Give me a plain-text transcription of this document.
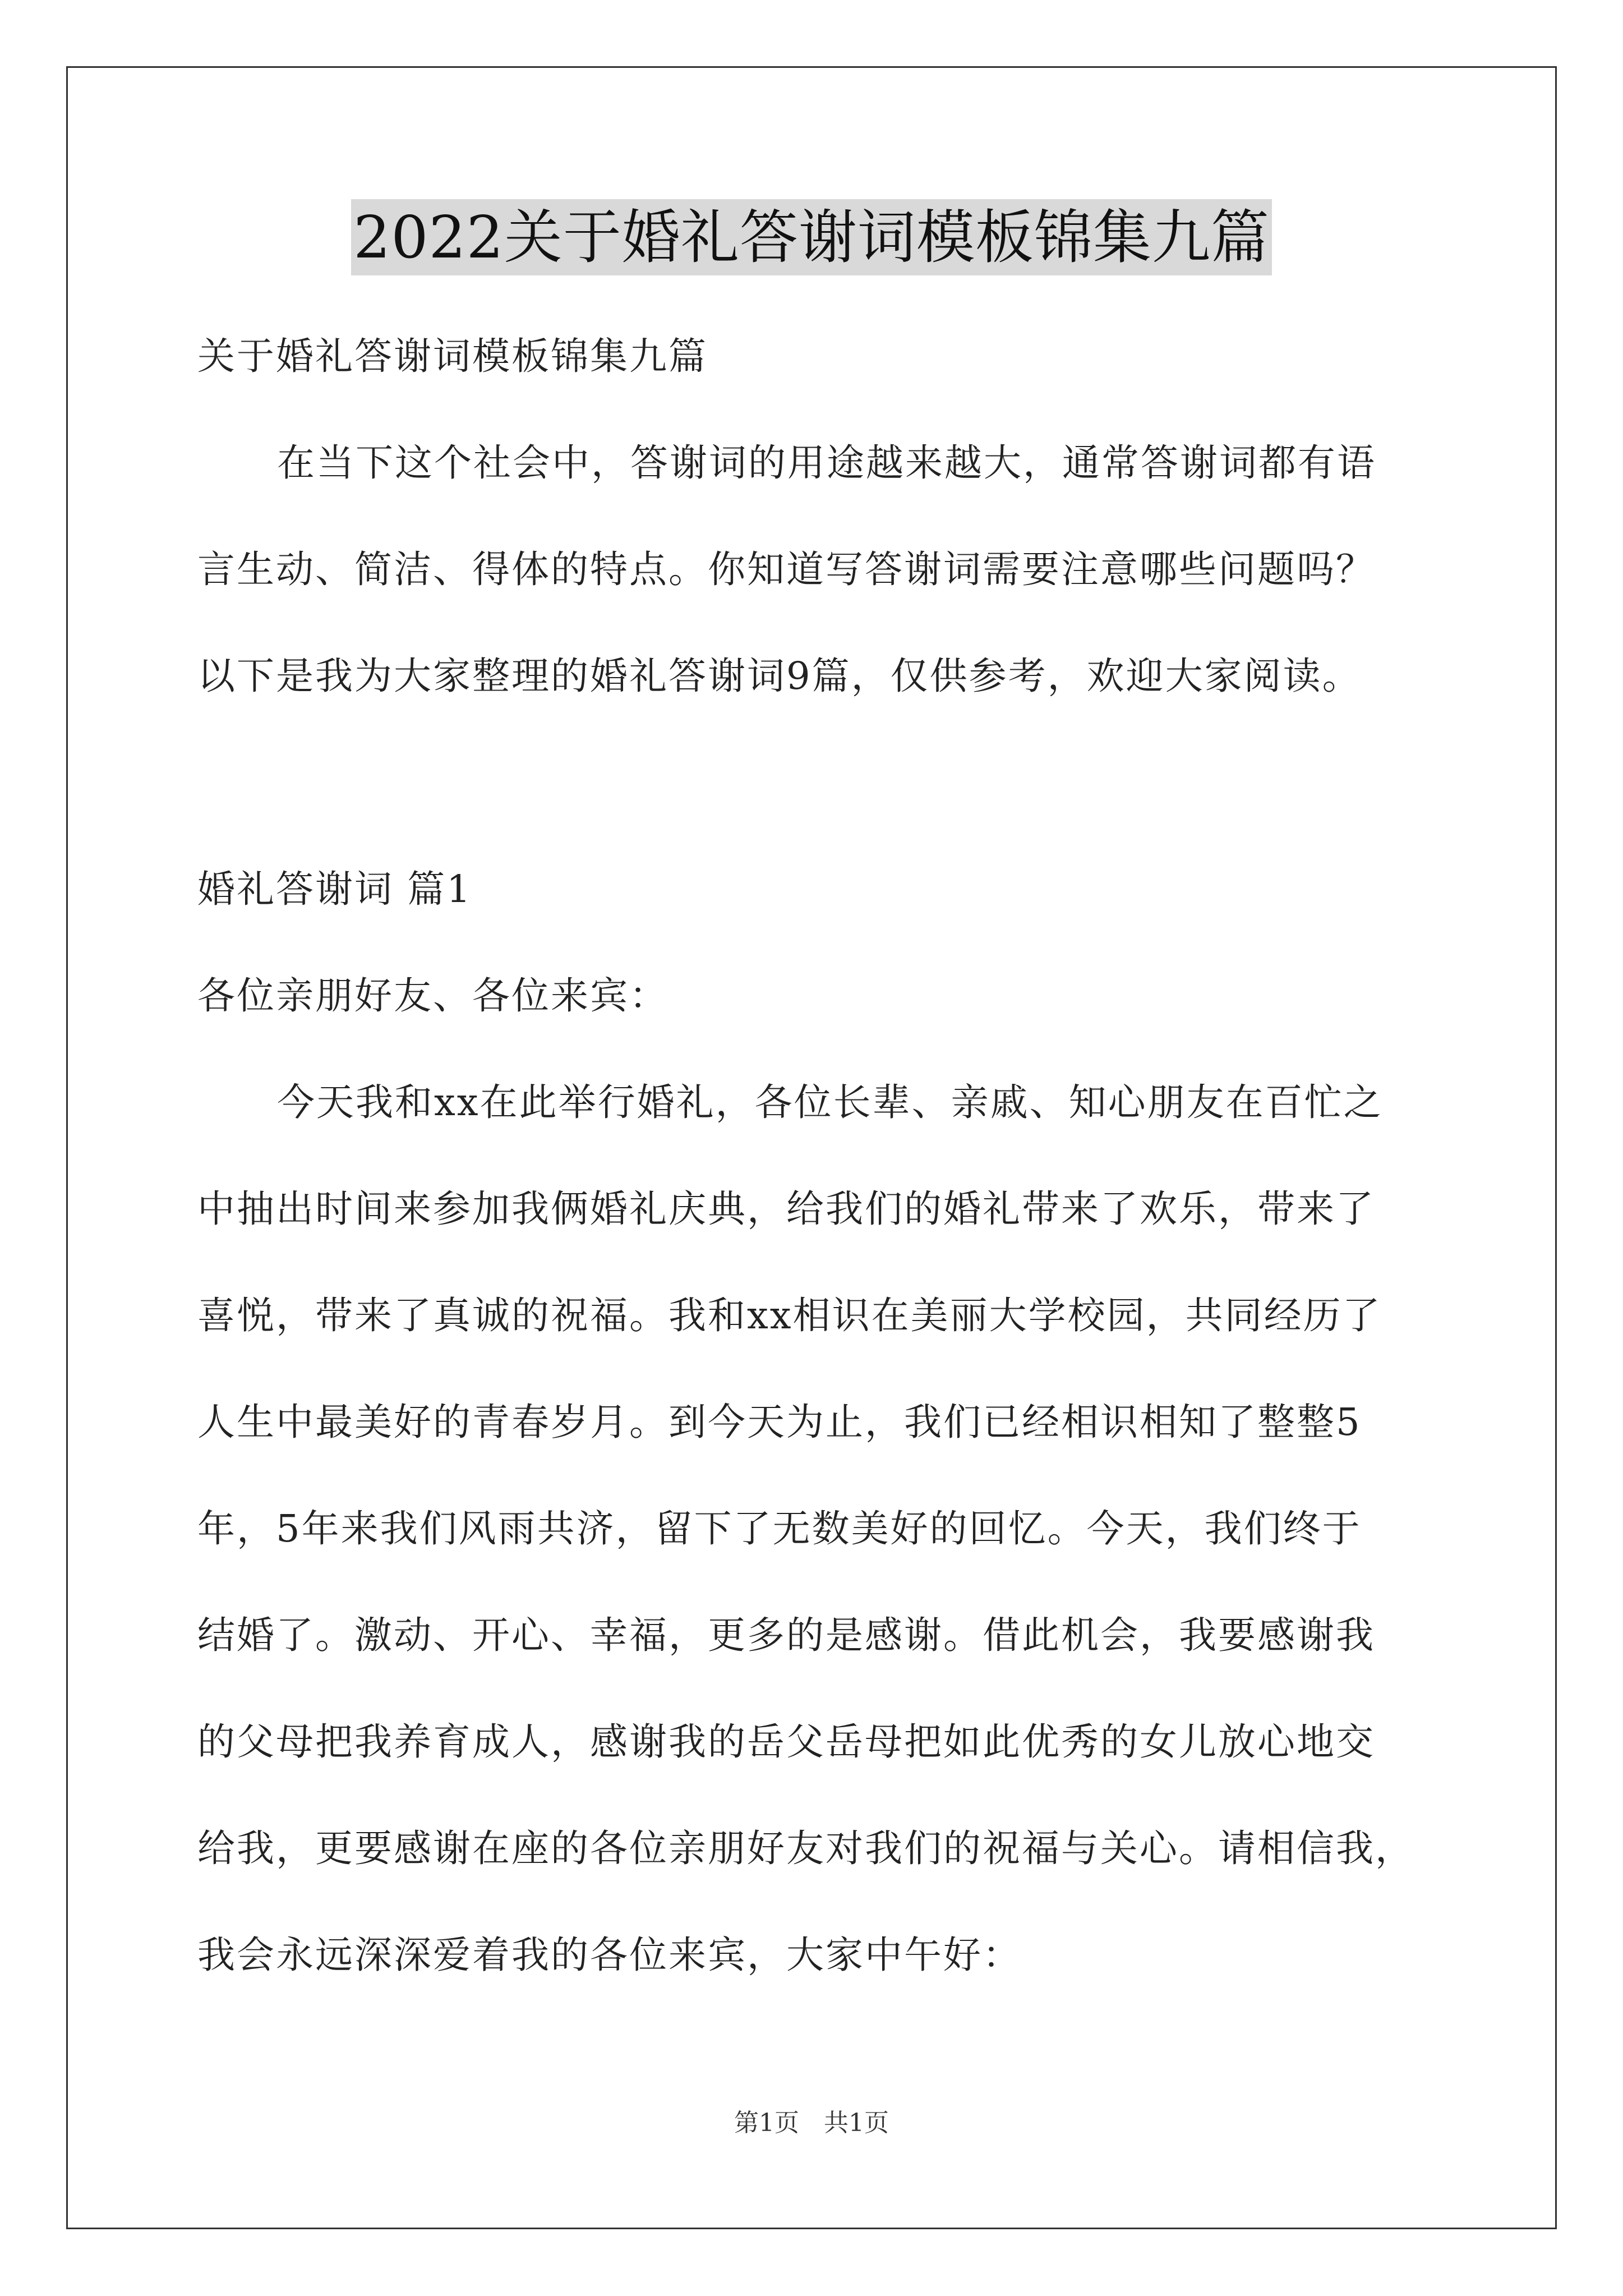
2022关于婚礼答谢词模板锦集九篇
关于婚礼答谢词模板锦集九篇
在当下这个社会中，答谢词的用途越来越大，通常答谢词都有语
言生动、简洁、得体的特点。你知道写答谢词需要注意哪些问题吗？
以下是我为大家整理的婚礼答谢词9篇，仅供参考，欢迎大家阅读。
婚礼答谢词 篇1
各位亲朋好友、各位来宾：
今天我和xx在此举行婚礼，各位长辈、亲戚、知心朋友在百忙之
中抽出时间来参加我俩婚礼庆典，给我们的婚礼带来了欢乐，带来了
喜悦，带来了真诚的祝福。我和xx相识在美丽大学校园，共同经历了
人生中最美好的青春岁月。到今天为止，我们已经相识相知了整整5
年，5年来我们风雨共济，留下了无数美好的回忆。今天，我们终于
结婚了。激动、开心、幸福，更多的是感谢。借此机会，我要感谢我
的父母把我养育成人，感谢我的岳父岳母把如此优秀的女儿放心地交
给我，更要感谢在座的各位亲朋好友对我们的祝福与关心。请相信我，
我会永远深深爱着我的各位来宾，大家中午好：
第1页　共1页
